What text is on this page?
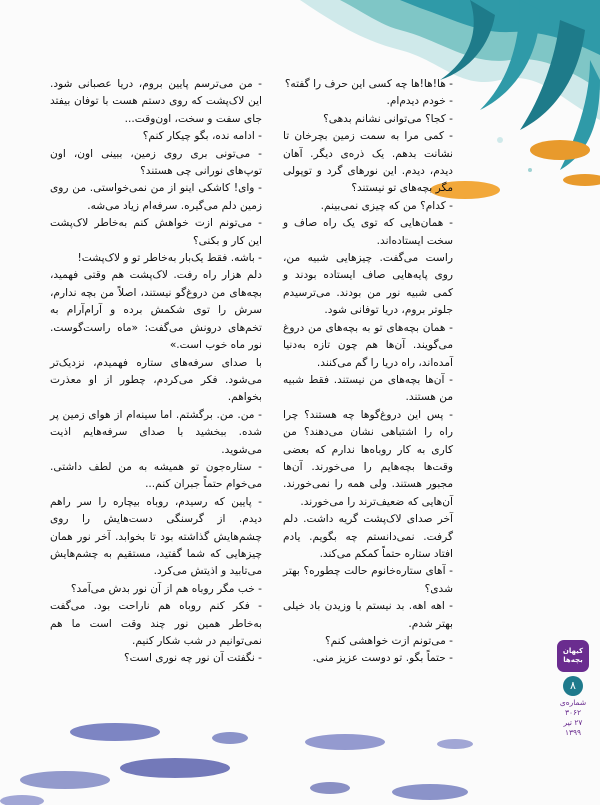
- ها!ها!ها چه کسی این حرف را گفته؟

- خودم دیدم‌ام.

- کجا؟ می‌توانی نشانم بدهی؟

- کمی مرا به سمت زمین بچرخان تا نشانت بدهم. یک ذره‌ی دیگر. آهان دیدم، دیدم. این نورهای گرد و توپولی مگر بچه‌های تو نیستند؟

- کدام؟ من که چیزی نمی‌بینم.

- همان‌هایی که توی یک راه صاف و سخت ایستاده‌اند.

راست می‌گفت. چیزهایی شبیه من، روی پایه‌هایی صاف ایستاده بودند و کمی شبیه نور من بودند. می‌ترسیدم جلوتر بروم، دریا توفانی شود.

- همان بچه‌های تو به بچه‌های من دروغ می‌گویند. آن‌ها هم چون تازه به‌دنیا آمده‌اند، راه دریا را گم می‌کنند.

- آن‌ها بچه‌های من نیستند. فقط شبیه من هستند.

- پس این دروغ‌گوها چه هستند؟ چرا راه را اشتباهی نشان می‌دهند؟ من کاری به کار روباه‌ها ندارم که بعضی وقت‌ها بچه‌هایم را می‌خورند. آن‌ها مجبور هستند. ولی همه را نمی‌خورند. آن‌هایی که ضعیف‌ترند را می‌خورند.

آخر صدای لاک‌پشت گریه داشت. دلم گرفت. نمی‌دانستم چه بگویم. یادم افتاد ستاره حتماً کمکم می‌کند.

- آهای ستاره‌خانوم حالت چطوره؟ بهتر شدی؟

- اهه اهه. بد نیستم با وزیدن باد خیلی بهتر شدم.

- می‌تونم ازت خواهشی کنم؟

- حتماً بگو. تو دوست عزیز منی.

- من می‌ترسم پایین بروم، دریا عصبانی شود. این لاک‌پشت که روی دستم هست با توفان بیفتد جای سفت و سخت، اون‌وقت...

- ادامه نده، بگو چیکار کنم؟

- می‌تونی بری روی زمین، ببینی اون، اون توپ‌های نورانی چی هستند؟

- وای! کاشکی اینو از من نمی‌خواستی. من روی زمین دلم می‌گیره. سرفه‌ام زیاد می‌شه.

- می‌تونم ازت خواهش کنم به‌خاطر لاک‌پشت این کار و بکنی؟

- باشه. فقط یک‌بار به‌خاطر تو و لاک‌پشت!

دلم هزار راه رفت. لاک‌پشت هم وقتی فهمید، بچه‌های من دروغ‌گو نیستند، اصلاً من بچه ندارم، سرش را توی شکمش برده و آرام‌آرام به تخم‌های درونش می‌گفت: «ماه راست‌گوست. نور ماه خوب است.»

با صدای سرفه‌های ستاره فهمیدم، نزدیک‌تر می‌شود. فکر می‌کردم، چطور از او معذرت بخواهم.

- من. من. برگشتم. اما سینه‌ام از هوای زمین پر شده. ببخشید با صدای سرفه‌هایم اذیت می‌شوید.

- ستاره‌جون تو همیشه به من لطف داشتی. می‌خوام حتماً جبران کنم...

- پایین که رسیدم، روباه بیچاره را سر راهم دیدم. از گرسنگی دست‌هایش را روی چشم‌هایش گذاشته بود تا بخوابد. آخر نور همان چیزهایی که شما گفتید، مستقیم به چشم‌هایش می‌تابید و اذیتش می‌کرد.

- خب مگر روباه هم از آن نور بدش می‌آمد؟

- فکر کنم روباه هم ناراحت بود. می‌گفت به‌خاطر همین نور چند وقت است ما هم نمی‌توانیم در شب شکار کنیم.

- نگفتت آن نور چه نوری است؟

کیهان بچه‌ها
۸
شماره‌ی
۳۰۶۲
۲۷ تیر
۱۳۹۹
